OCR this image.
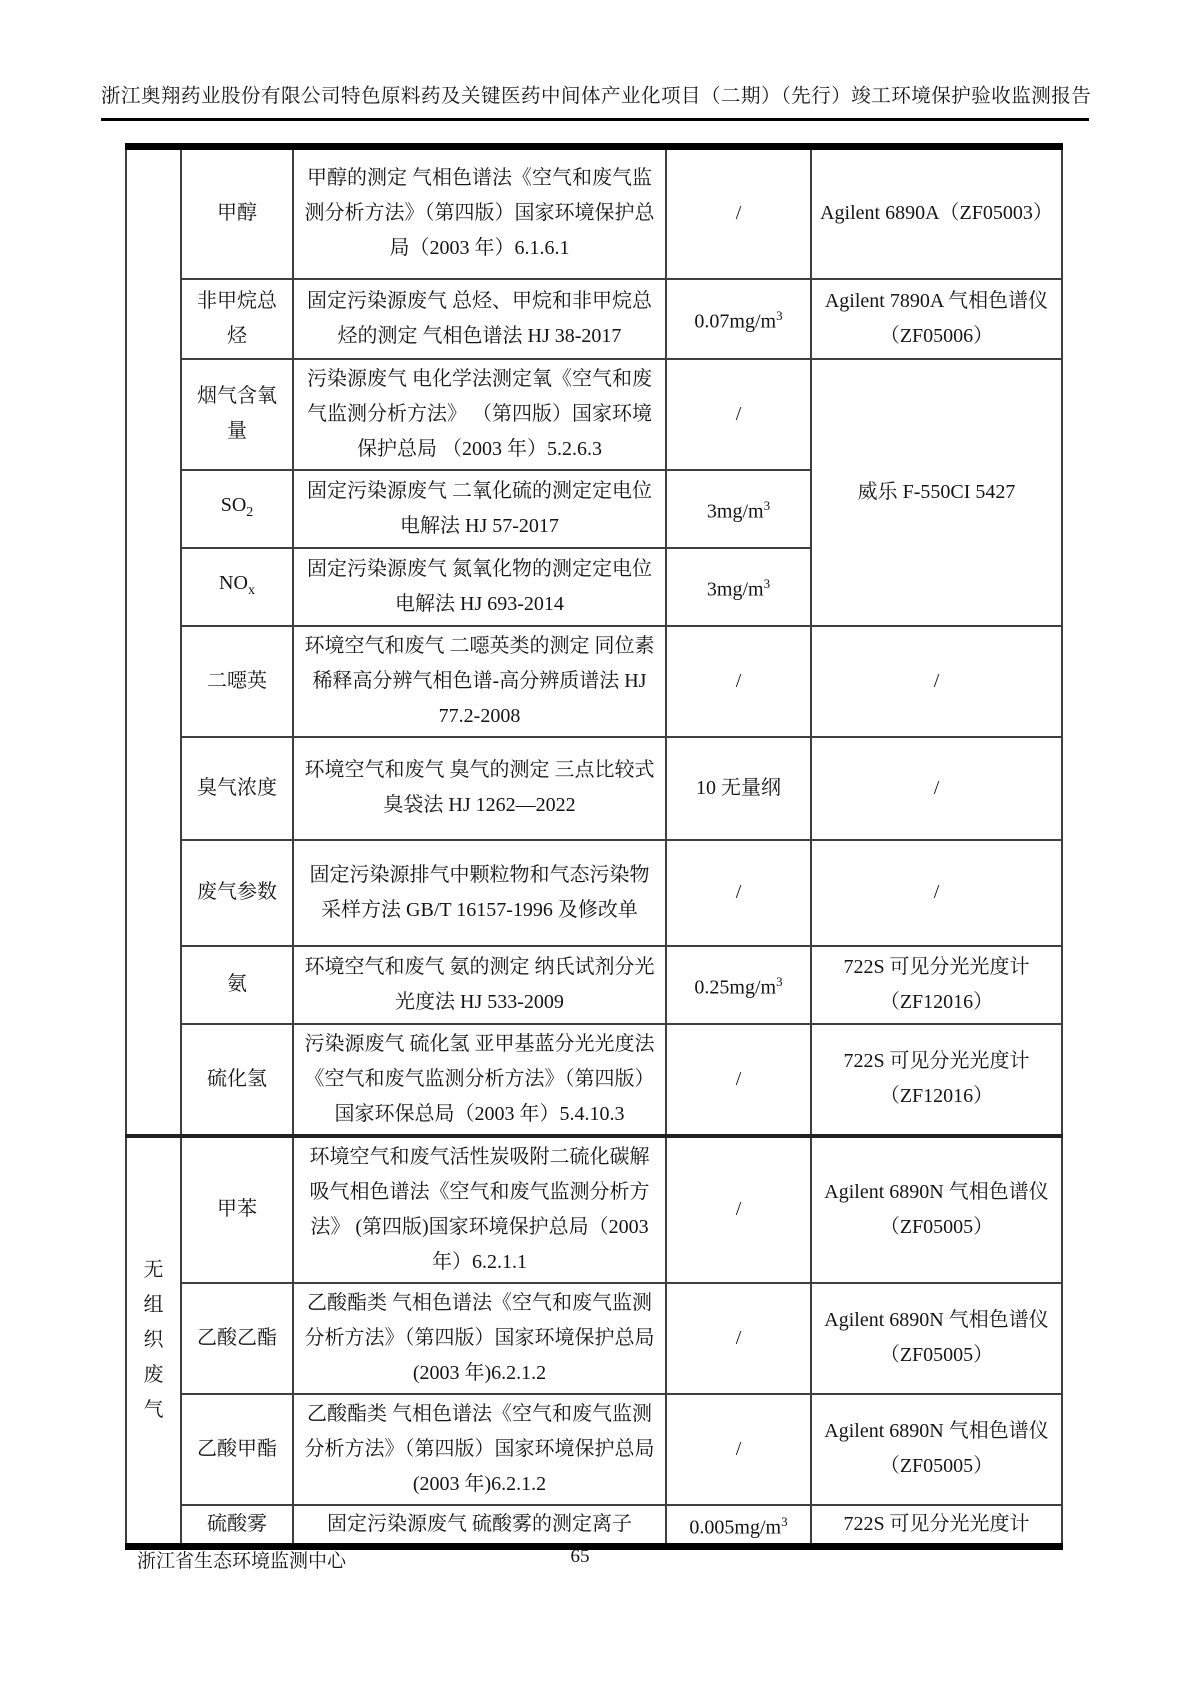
浙江奥翔药业股份有限公司特色原料药及关键医药中间体产业化项目（二期）（先行）竣工环境保护验收监测报告
	甲醇	甲醇的测定 气相色谱法《空气和废气监测分析方法》（第四版）国家环境保护总局（2003 年）6.1.6.1	/	Agilent 6890A（ZF05003）
	非甲烷总烃	固定污染源废气 总烃、甲烷和非甲烷总烃的测定 气相色谱法 HJ 38-2017	$0.07mg/m^3$	Agilent 7890A 气相色谱仪（ZF05006）
	烟气含氧量	污染源废气 电化学法测定氧《空气和废气监测分析方法》 （第四版）国家环境保护总局 （2003 年）5.2.6.3	/	威乐 F-550CI 5427
	$SO_2$	固定污染源废气 二氧化硫的测定定电位电解法 HJ 57-2017	$3mg/m^3$
	$NO_x$	固定污染源废气 氮氧化物的测定定电位电解法 HJ 693-2014	$3mg/m^3$
	二噁英	环境空气和废气 二噁英类的测定 同位素稀释高分辨气相色谱-高分辨质谱法 HJ 77.2-2008	/	/
	臭气浓度	环境空气和废气 臭气的测定 三点比较式臭袋法 HJ 1262—2022	10 无量纲	/
	废气参数	固定污染源排气中颗粒物和气态污染物采样方法 GB/T 16157-1996 及修改单	/	/
	氨	环境空气和废气 氨的测定 纳氏试剂分光光度法 HJ 533-2009	$0.25mg/m^3$	722S 可见分光光度计（ZF12016）
	硫化氢	污染源废气 硫化氢 亚甲基蓝分光光度法《空气和废气监测分析方法》（第四版）国家环保总局（2003 年）5.4.10.3	/	722S 可见分光光度计（ZF12016）
无组织废气	甲苯	环境空气和废气活性炭吸附二硫化碳解吸气相色谱法《空气和废气监测分析方法》 (第四版)国家环境保护总局（2003 年）6.2.1.1	/	Agilent 6890N 气相色谱仪（ZF05005）
	乙酸乙酯	乙酸酯类 气相色谱法《空气和废气监测分析方法》（第四版）国家环境保护总局(2003 年)6.2.1.2	/	Agilent 6890N 气相色谱仪（ZF05005）
	乙酸甲酯	乙酸酯类 气相色谱法《空气和废气监测分析方法》（第四版）国家环境保护总局 (2003 年)6.2.1.2	/	Agilent 6890N 气相色谱仪（ZF05005）
	硫酸雾	固定污染源废气 硫酸雾的测定离子	$0.005mg/m^3$	722S 可见分光光度计
浙江省生态环境监测中心	65
